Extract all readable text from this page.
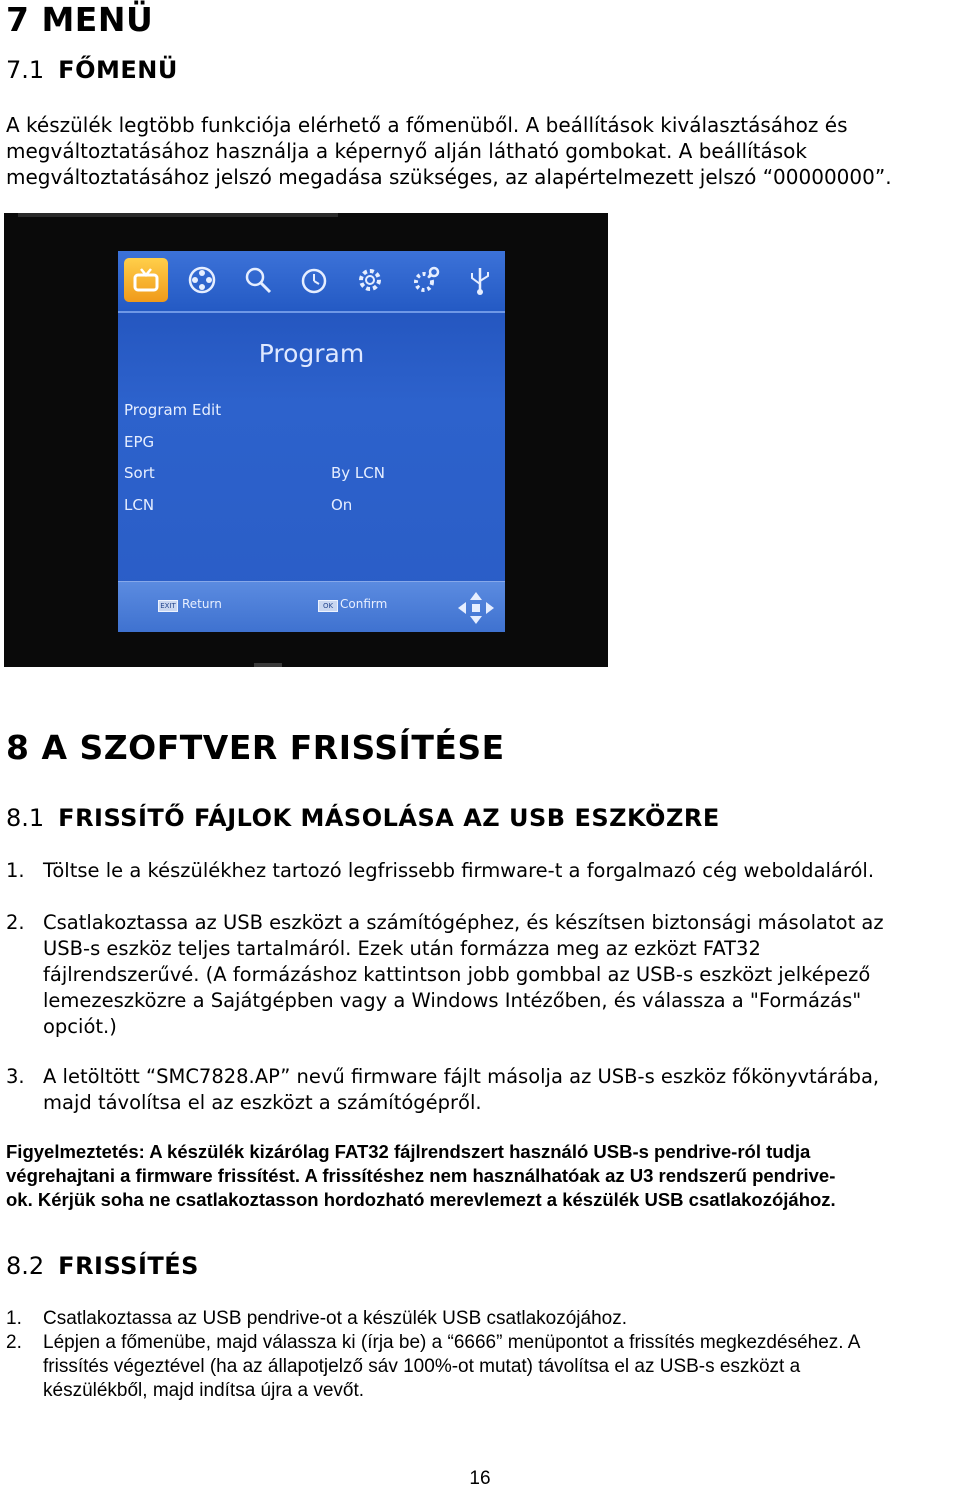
7 MENÜ
7.1 FŐMENÜ
A készülék legtöbb funkciója elérhető a főmenüből. A beállítások kiválasztásához és
megváltoztatásához használja a képernyő alján látható gombokat. A beállítások
megváltoztatásához jelszó megadása szükséges, az alapértelmezett jelszó “00000000”.
Program
Program Edit
EPG
Sort	By LCN
LCN	On
EXIT Return	OK Confirm
8 A SZOFTVER FRISSÍTÉSE
8.1 FRISSÍTŐ FÁJLOK MÁSOLÁSA AZ USB ESZKÖZRE
1. Töltse le a készülékhez tartozó legfrissebb firmware-t a forgalmazó cég weboldaláról.
2. Csatlakoztassa az USB eszközt a számítógéphez, és készítsen biztonsági másolatot az
USB-s eszköz teljes tartalmáról. Ezek után formázza meg az ezközt FAT32
fájlrendszerűvé. (A formázáshoz kattintson jobb gombbal az USB-s eszközt jelképező
lemezeszközre a Sajátgépben vagy a Windows Intézőben, és válassza a "Formázás"
opciót.)
3. A letöltött “SMC7828.AP” nevű firmware fájlt másolja az USB-s eszköz főkönyvtárába,
majd távolítsa el az eszközt a számítógépről.
Figyelmeztetés: A készülék kizárólag FAT32 fájlrendszert használó USB-s pendrive-ról tudja
végrehajtani a firmware frissítést. A frissítéshez nem használhatóak az U3 rendszerű pendrive-
ok. Kérjük soha ne csatlakoztasson hordozható merevlemezt a készülék USB csatlakozójához.
8.2 FRISSÍTÉS
1.	Csatlakoztassa az USB pendrive-ot a készülék USB csatlakozójához.
2.	Lépjen a főmenübe, majd válassza ki (írja be) a “6666” menüpontot a frissítés megkezdéséhez. A
frissítés végeztével (ha az állapotjelző sáv 100%-ot mutat) távolítsa el az USB-s eszközt a
készülékből, majd indítsa újra a vevőt.
16
